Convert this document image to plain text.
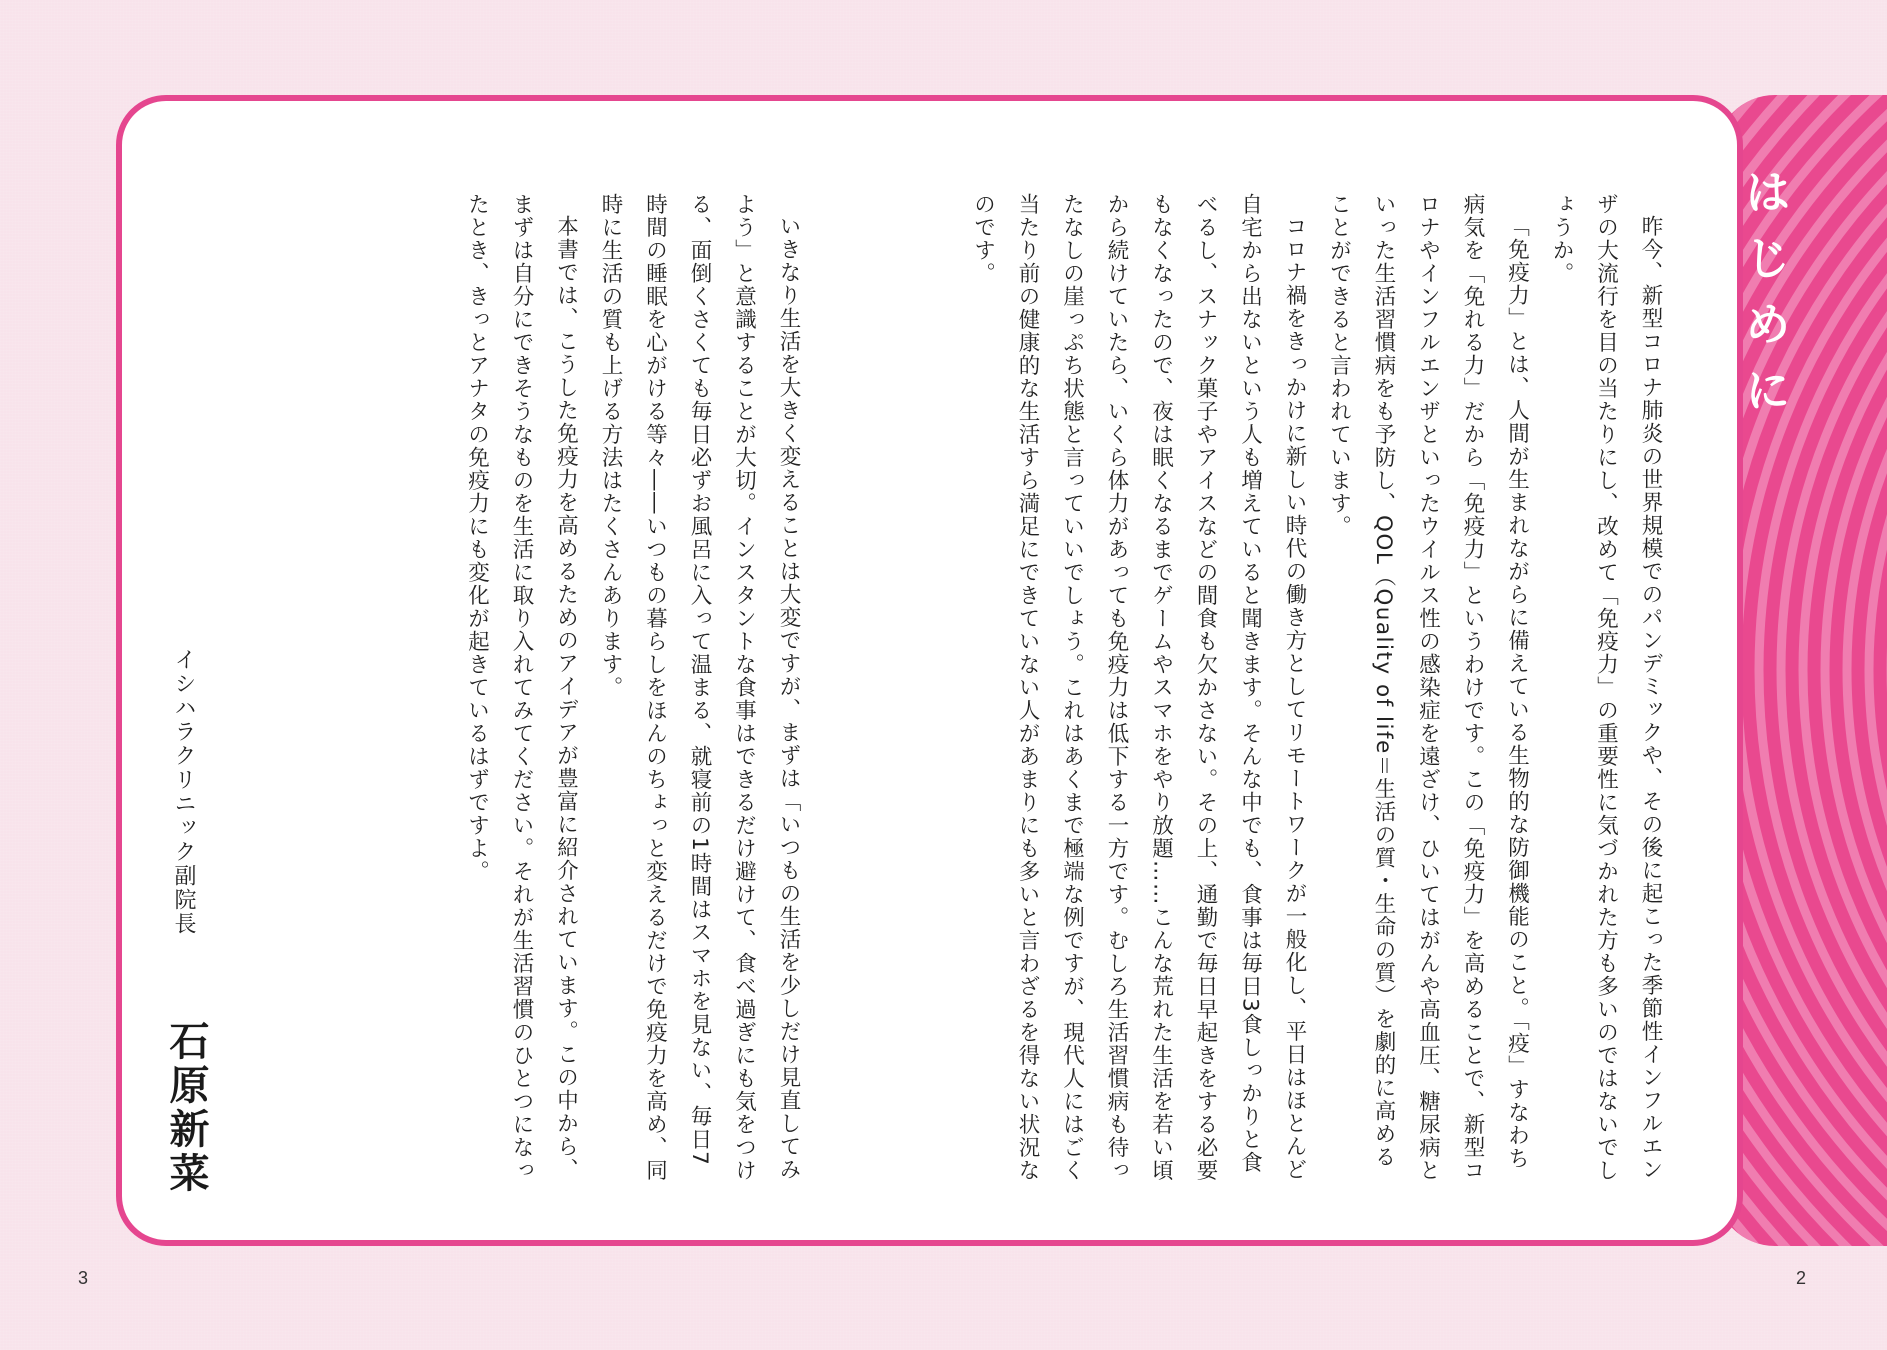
はじめに

昨今、新型コロナ肺炎の世界規模でのパンデミックや、その後に起こった季節性インフルエンザの大流行を目の当たりにし、改めて「免疫力」の重要性に気づかれた方も多いのではないでしょうか。

「免疫力」とは、人間が生まれながらに備えている生物的な防御機能のこと。「疫」すなわち病気を「免れる力」だから「免疫力」というわけです。この「免疫力」を高めることで、新型コロナやインフルエンザといったウイルス性の感染症を遠ざけ、ひいてはがんや高血圧、糖尿病といった生活習慣病をも予防し、QOL（Quality of life＝生活の質・生命の質）を劇的に高めることができると言われています。

コロナ禍をきっかけに新しい時代の働き方としてリモートワークが一般化し、平日はほとんど自宅から出ないという人も増えていると聞きます。そんな中でも、食事は毎日3食しっかりと食べるし、スナック菓子やアイスなどの間食も欠かさない。その上、通勤で毎日早起きをする必要もなくなったので、夜は眠くなるまでゲームやスマホをやり放題……こんな荒れた生活を若い頃から続けていたら、いくら体力があっても免疫力は低下する一方です。むしろ生活習慣病も待ったなしの崖っぷち状態と言っていいでしょう。これはあくまで極端な例ですが、現代人にはごく当たり前の健康的な生活すら満足にできていない人があまりにも多いと言わざるを得ない状況なのです。

いきなり生活を大きく変えることは大変ですが、まずは「いつもの生活を少しだけ見直してみよう」と意識することが大切。インスタントな食事はできるだけ避けて、食べ過ぎにも気をつける、面倒くさくても毎日必ずお風呂に入って温まる、就寝前の1時間はスマホを見ない、毎日7時間の睡眠を心がける等々――いつもの暮らしをほんのちょっと変えるだけで免疫力を高め、同時に生活の質も上げる方法はたくさんあります。

本書では、こうした免疫力を高めるためのアイデアが豊富に紹介されています。この中から、まずは自分にできそうなものを生活に取り入れてみてください。それが生活習慣のひとつになったとき、きっとアナタの免疫力にも変化が起きているはずですよ。

イシハラクリニック副院長
石原新菜
3	2
